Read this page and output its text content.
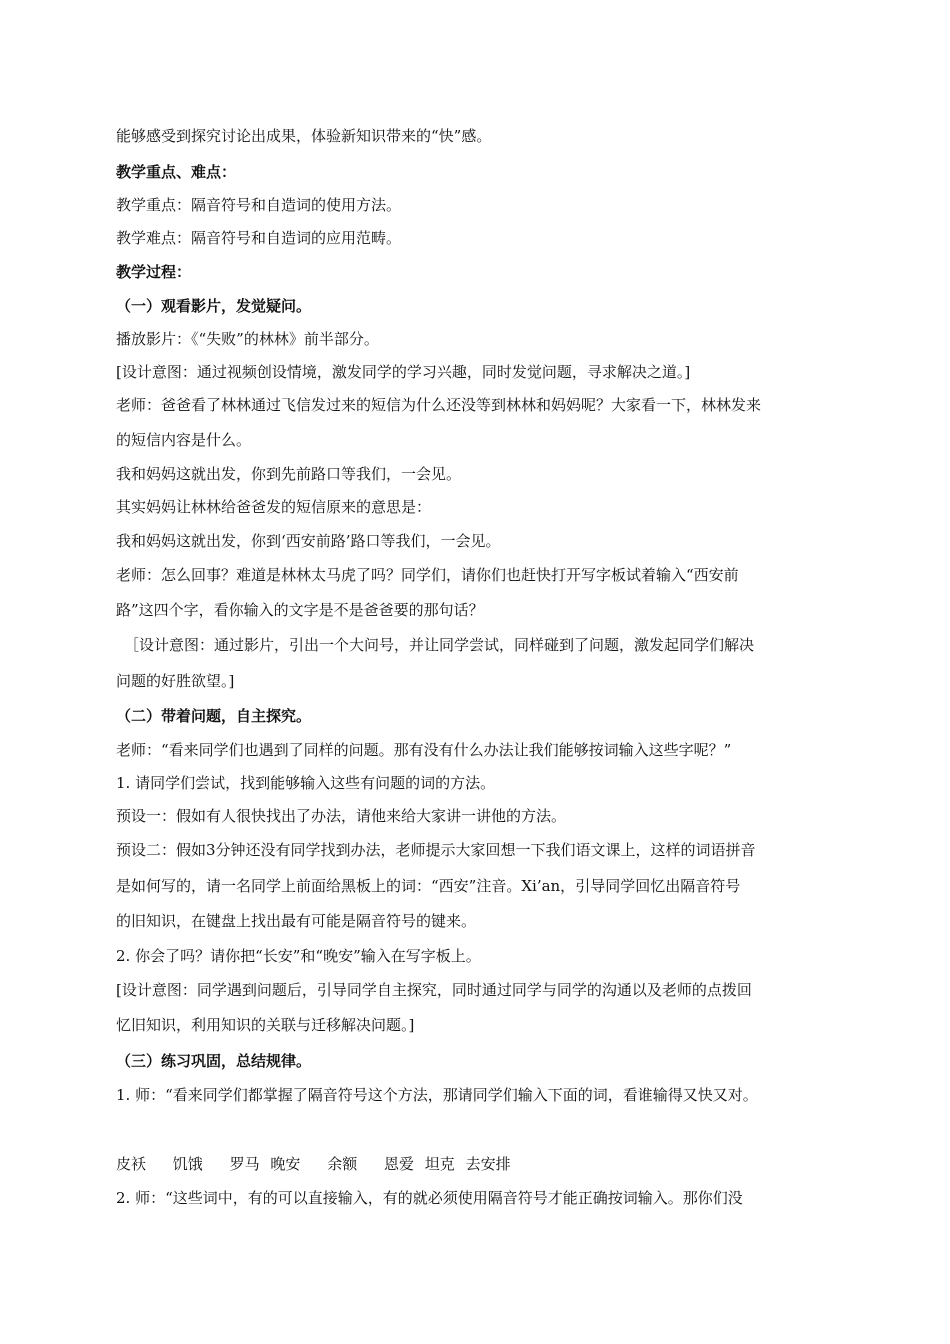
能够感受到探究讨论出成果，体验新知识带来的“快”感。
教学重点、难点：
教学重点：隔音符号和自造词的使用方法。
教学难点：隔音符号和自造词的应用范畴。
教学过程：
（一）观看影片，发觉疑问。
播放影片：《“失败”的林林》前半部分。
[设计意图：通过视频创设情境，激发同学的学习兴趣，同时发觉问题，寻求解决之道。]
老师：爸爸看了林林通过飞信发过来的短信为什么还没等到林林和妈妈呢？大家看一下，林林发来
的短信内容是什么。
我和妈妈这就出发，你到先前路口等我们，一会见。
其实妈妈让林林给爸爸发的短信原来的意思是：
我和妈妈这就出发，你到‘西安前路’路口等我们，一会见。
老师：怎么回事？难道是林林太马虎了吗？同学们，请你们也赶快打开写字板试着输入“西安前
路”这四个字，看你输入的文字是不是爸爸要的那句话？
［设计意图：通过影片，引出一个大问号，并让同学尝试，同样碰到了问题，激发起同学们解决
问题的好胜欲望。]
（二）带着问题，自主探究。
老师：“看来同学们也遇到了同样的问题。那有没有什么办法让我们能够按词输入这些字呢？”
1. 请同学们尝试，找到能够输入这些有问题的词的方法。
预设一：假如有人很快找出了办法，请他来给大家讲一讲他的方法。
预设二：假如3分钟还没有同学找到办法，老师提示大家回想一下我们语文课上，这样的词语拼音
是如何写的，请一名同学上前面给黑板上的词：“西安”注音。Xi’an，引导同学回忆出隔音符号
的旧知识，在键盘上找出最有可能是隔音符号的键来。
2. 你会了吗？请你把“长安”和“晚安”输入在写字板上。
[设计意图：同学遇到问题后，引导同学自主探究，同时通过同学与同学的沟通以及老师的点拨回
忆旧知识，利用知识的关联与迁移解决问题。]
（三）练习巩固，总结规律。
1. 师：“看来同学们都掌握了隔音符号这个方法，那请同学们输入下面的词，看谁输得又快又对。
皮袄 饥饿 罗马 晚安 余额 恩爱 坦克 去安排
2. 师：“这些词中，有的可以直接输入，有的就必须使用隔音符号才能正确按词输入。那你们没
